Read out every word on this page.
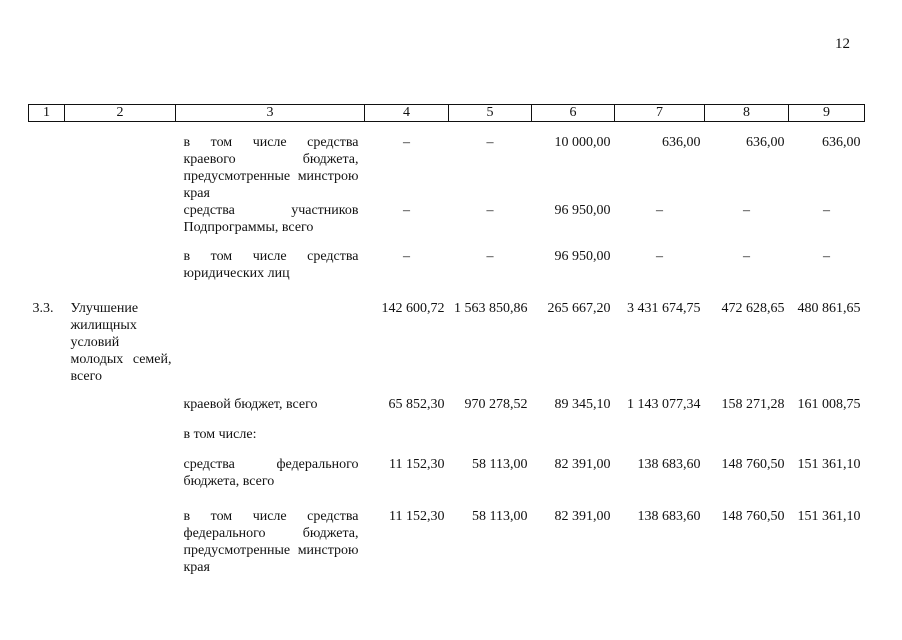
12
1	2	3	4	5	6	7	8	9
		в том числе средства краевого бюджета, предусмотренные минстрою края	–	–	10 000,00	636,00	636,00	636,00
		средства участников Подпрограммы, всего	–	–	96 950,00	–	–	–
		в том числе средства юридических лиц	–	–	96 950,00	–	–	–
3.3.	Улучшение жилищных условий молодых семей, всего		142 600,72	1 563 850,86	265 667,20	3 431 674,75	472 628,65	480 861,65
		краевой бюджет, всего	65 852,30	970 278,52	89 345,10	1 143 077,34	158 271,28	161 008,75
		в том числе:						
		средства федерального бюджета, всего	11 152,30	58 113,00	82 391,00	138 683,60	148 760,50	151 361,10
		в том числе средства федерального бюджета, предусмотренные минстрою края	11 152,30	58 113,00	82 391,00	138 683,60	148 760,50	151 361,10
